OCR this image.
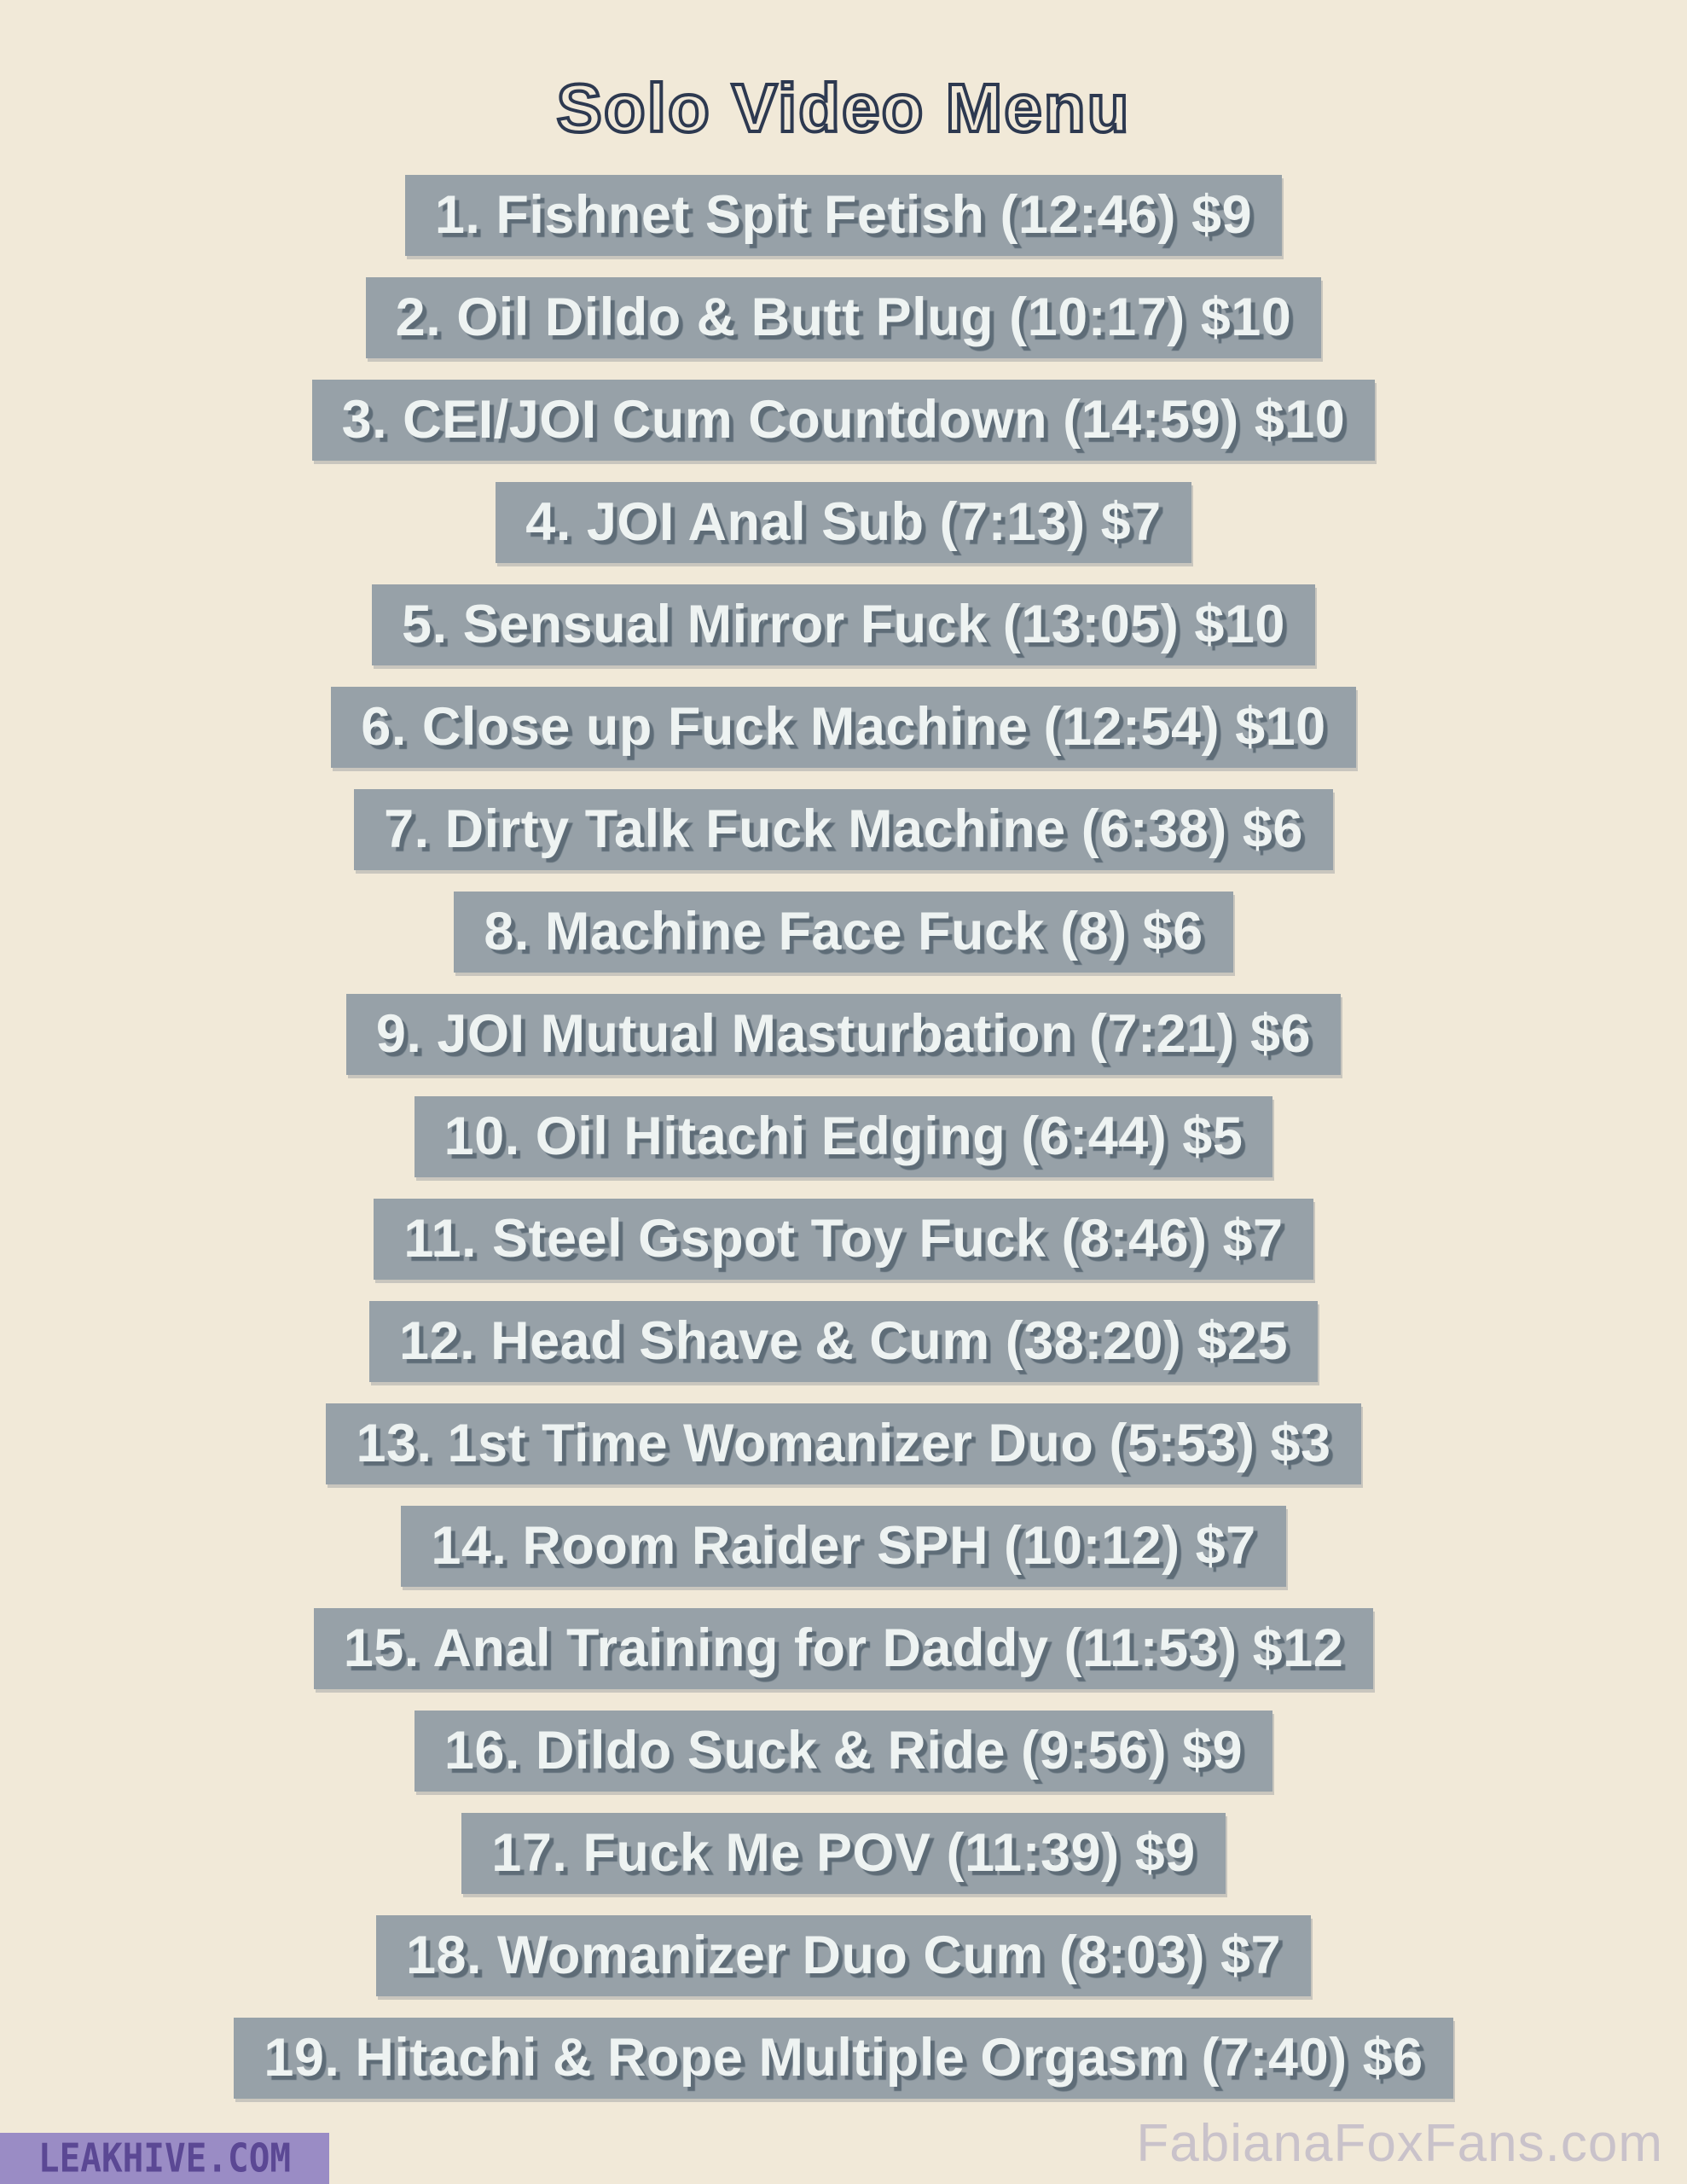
Solo Video Menu
1. Fishnet Spit Fetish (12:46) $9
2. Oil Dildo & Butt Plug (10:17) $10
3. CEI/JOI Cum Countdown (14:59) $10
4. JOI Anal Sub (7:13) $7
5. Sensual Mirror Fuck (13:05) $10
6. Close up Fuck Machine (12:54) $10
7. Dirty Talk Fuck Machine (6:38) $6
8. Machine Face Fuck (8) $6
9. JOI Mutual Masturbation (7:21) $6
10. Oil Hitachi Edging (6:44) $5
11. Steel Gspot Toy Fuck (8:46) $7
12. Head Shave & Cum (38:20) $25
13. 1st Time Womanizer Duo (5:53) $3
14. Room Raider SPH (10:12) $7
15. Anal Training for Daddy (11:53) $12
16. Dildo Suck & Ride (9:56) $9
17. Fuck Me POV (11:39) $9
18. Womanizer Duo Cum (8:03) $7
19. Hitachi & Rope Multiple Orgasm (7:40) $6
LEAKHIVE.COM	FabianaFoxFans.com
